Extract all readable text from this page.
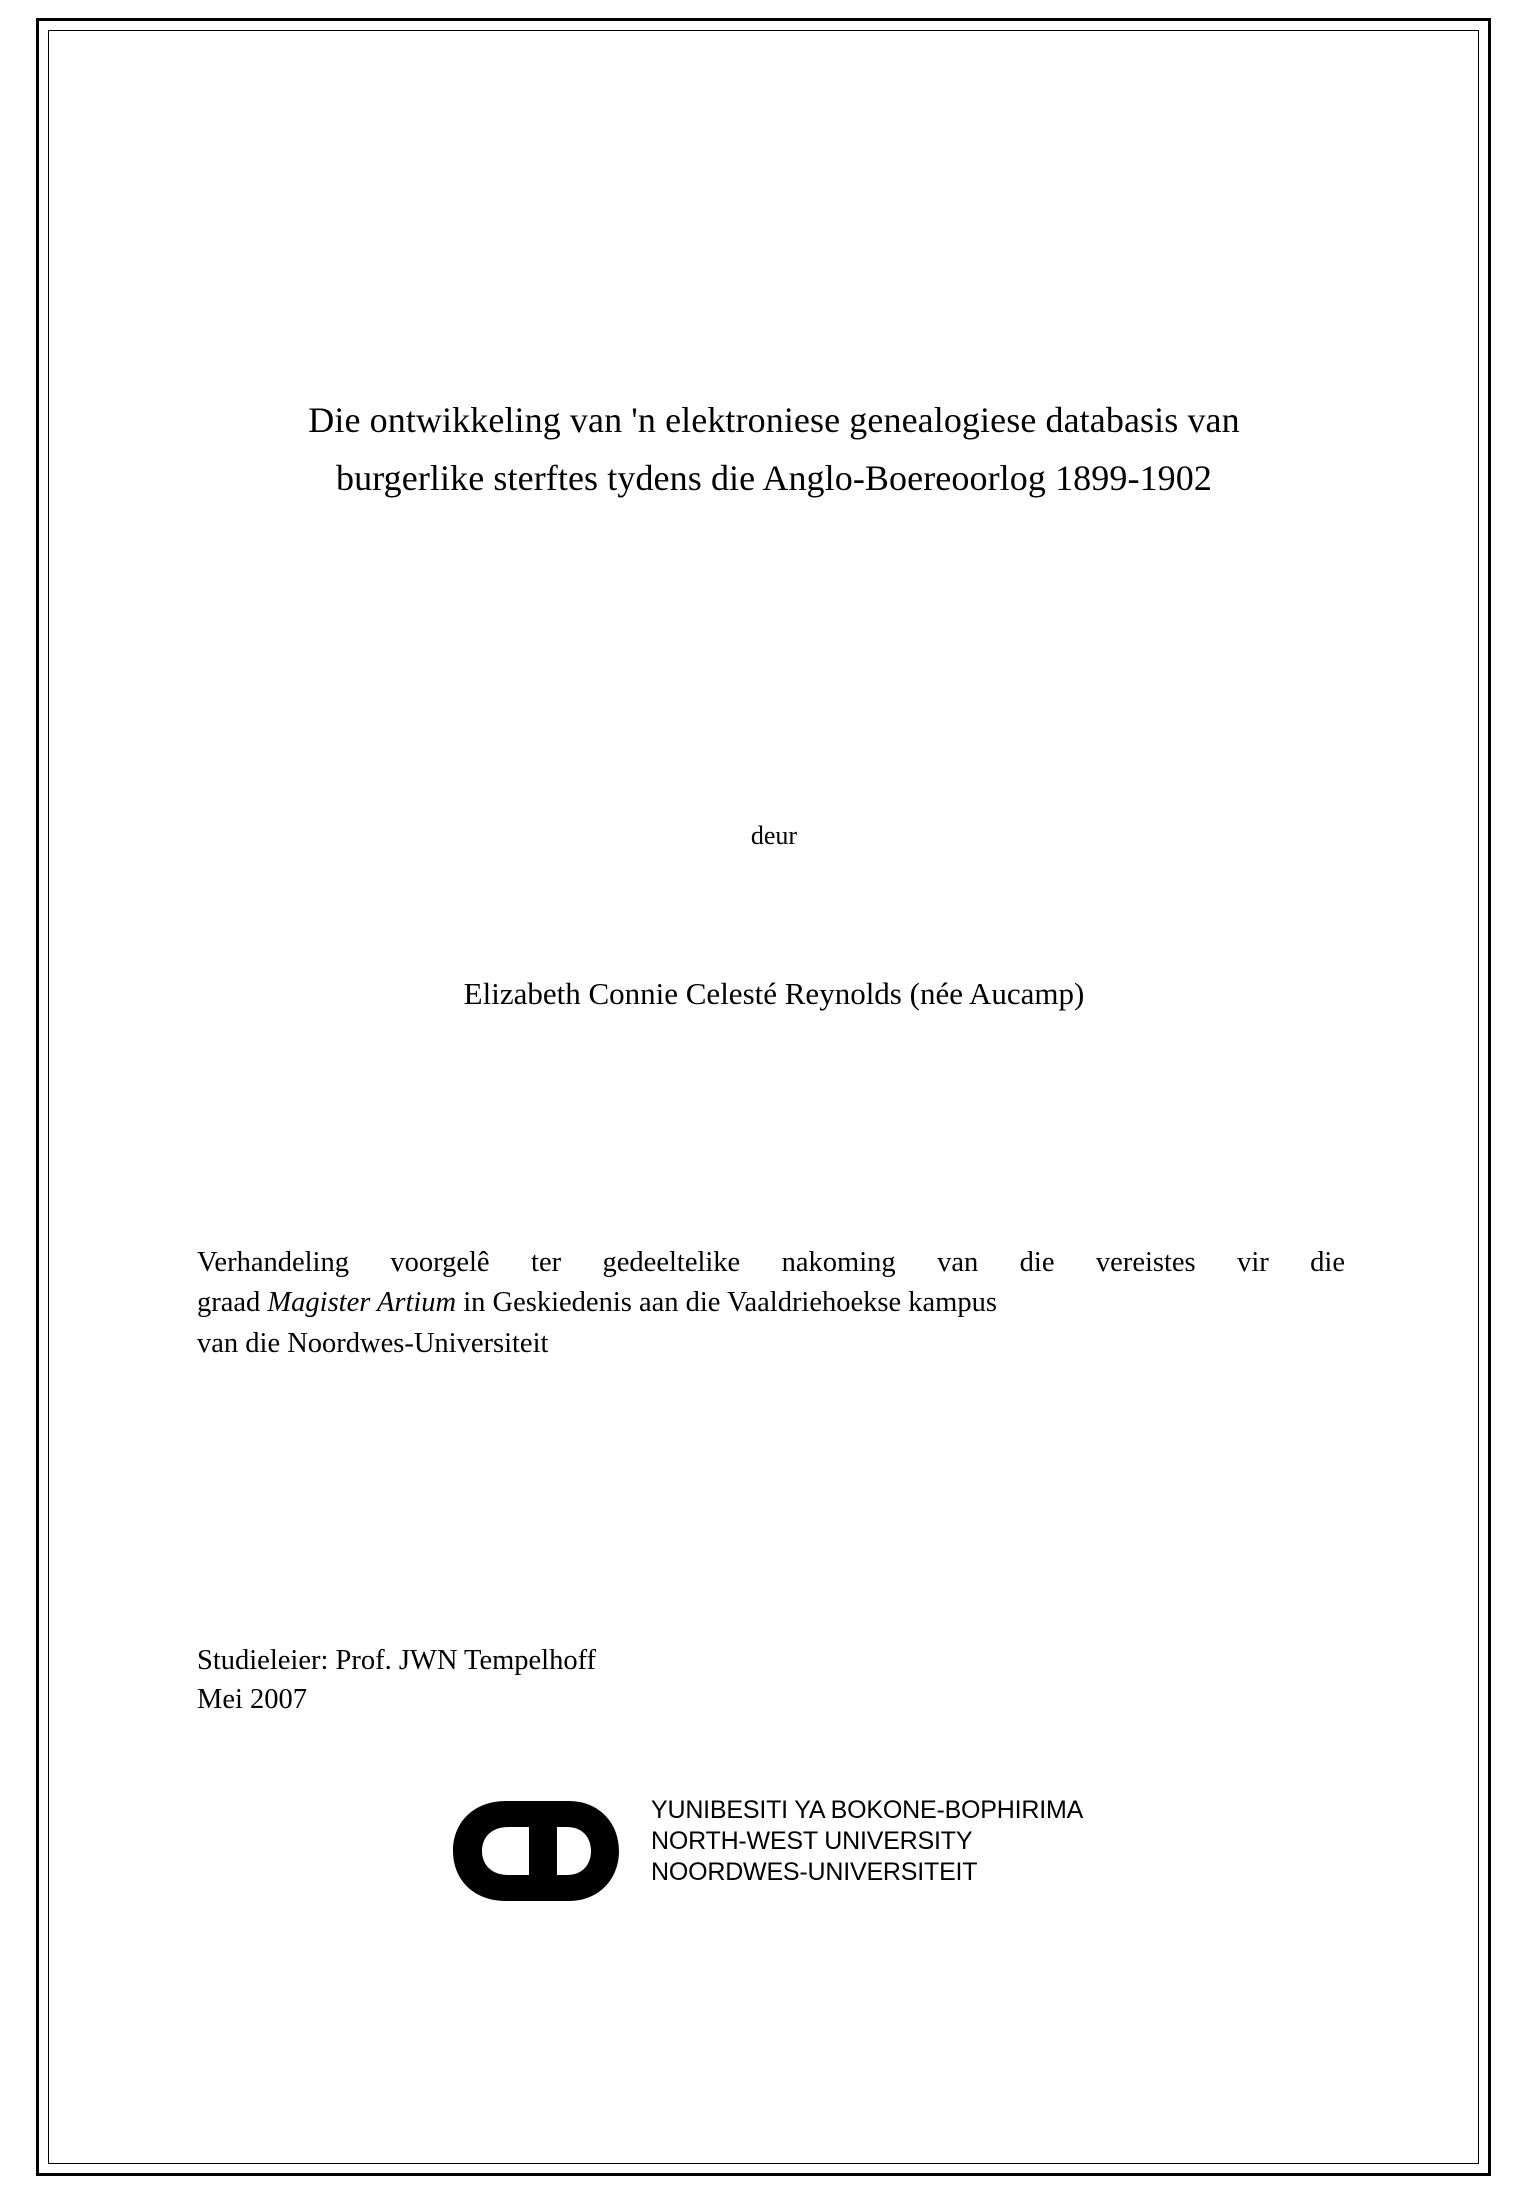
Die ontwikkeling van 'n elektroniese genealogiese databasis van
burgerlike sterftes tydens die Anglo-Boereoorlog 1899-1902
deur
Elizabeth Connie Celesté Reynolds (née Aucamp)
Verhandeling voorgelê ter gedeeltelike nakoming van die vereistes vir die
graad Magister Artium in Geskiedenis aan die Vaaldriehoekse kampus
van die Noordwes-Universiteit
Studieleier: Prof. JWN Tempelhoff
Mei 2007
YUNIBESITI YA BOKONE-BOPHIRIMA
NORTH-WEST UNIVERSITY
NOORDWES-UNIVERSITEIT
